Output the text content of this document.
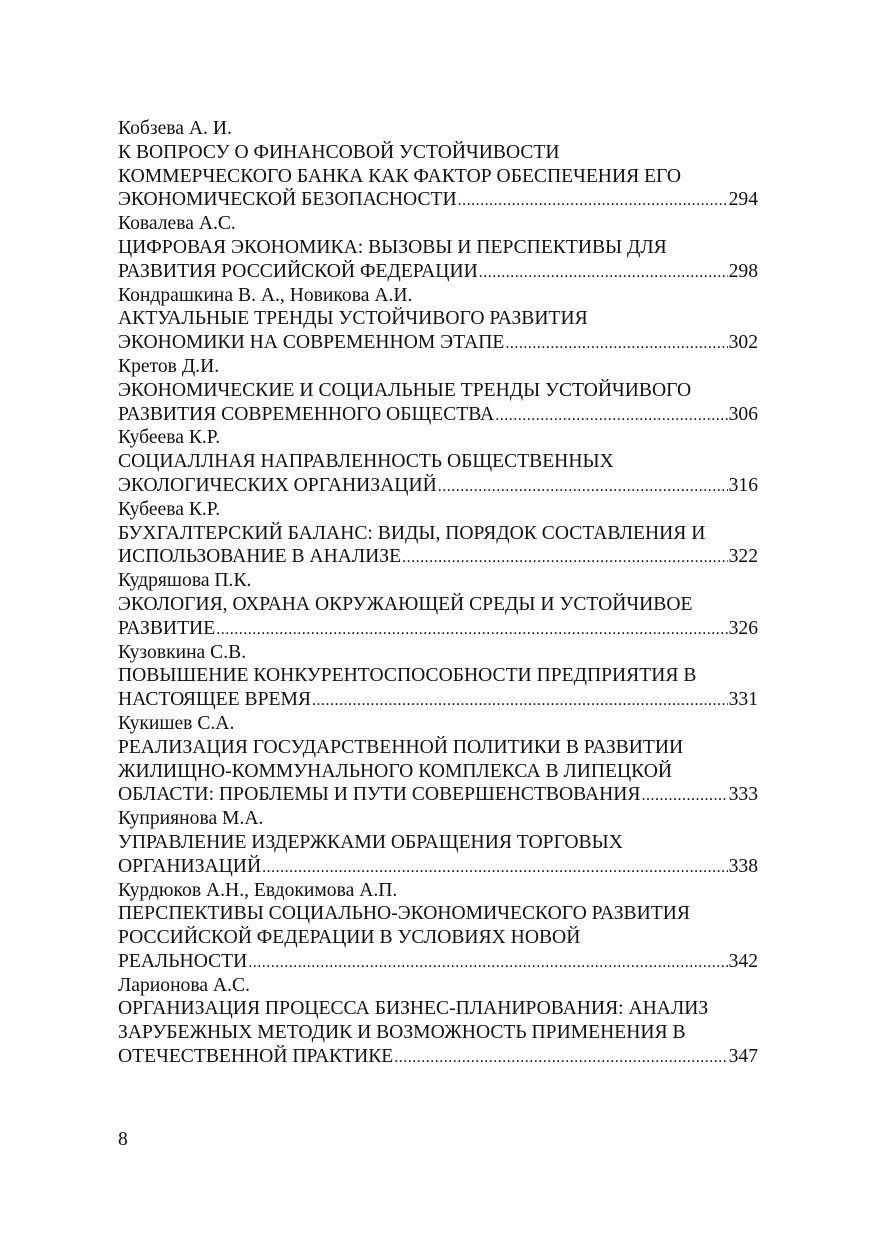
Кобзева А. И.
К ВОПРОСУ О ФИНАНСОВОЙ УСТОЙЧИВОСТИ
КОММЕРЧЕСКОГО БАНКА КАК ФАКТОР ОБЕСПЕЧЕНИЯ ЕГО
ЭКОНОМИЧЕСКОЙ БЕЗОПАСНОСТИ .....	294
Ковалева А.С.
ЦИФРОВАЯ ЭКОНОМИКА: ВЫЗОВЫ И ПЕРСПЕКТИВЫ ДЛЯ
РАЗВИТИЯ РОССИЙСКОЙ ФЕДЕРАЦИИ .....	298
Кондрашкина В. А., Новикова А.И.
АКТУАЛЬНЫЕ ТРЕНДЫ УСТОЙЧИВОГО РАЗВИТИЯ
ЭКОНОМИКИ НА СОВРЕМЕННОМ ЭТАПЕ .....	302
Кретов Д.И.
ЭКОНОМИЧЕСКИЕ И СОЦИАЛЬНЫЕ ТРЕНДЫ УСТОЙЧИВОГО
РАЗВИТИЯ СОВРЕМЕННОГО ОБЩЕСТВА .....	306
Кубеева К.Р.
СОЦИАЛЛНАЯ НАПРАВЛЕННОСТЬ ОБЩЕСТВЕННЫХ
ЭКОЛОГИЧЕСКИХ ОРГАНИЗАЦИЙ .....	316
Кубеева К.Р.
БУХГАЛТЕРСКИЙ БАЛАНС: ВИДЫ, ПОРЯДОК СОСТАВЛЕНИЯ И
ИСПОЛЬЗОВАНИЕ В АНАЛИЗЕ .....	322
Кудряшова П.К.
ЭКОЛОГИЯ, ОХРАНА ОКРУЖАЮЩЕЙ СРЕДЫ И УСТОЙЧИВОЕ
РАЗВИТИЕ .....	326
Кузовкина С.В.
ПОВЫШЕНИЕ КОНКУРЕНТОСПОСОБНОСТИ ПРЕДПРИЯТИЯ В
НАСТОЯЩЕЕ ВРЕМЯ .....	331
Кукишев С.А.
РЕАЛИЗАЦИЯ ГОСУДАРСТВЕННОЙ ПОЛИТИКИ В РАЗВИТИИ
ЖИЛИЩНО-КОММУНАЛЬНОГО КОМПЛЕКСА В ЛИПЕЦКОЙ
ОБЛАСТИ: ПРОБЛЕМЫ И ПУТИ СОВЕРШЕНСТВОВАНИЯ .....	333
Куприянова М.А.
УПРАВЛЕНИЕ ИЗДЕРЖКАМИ ОБРАЩЕНИЯ ТОРГОВЫХ
ОРГАНИЗАЦИЙ .....	338
Курдюков А.Н., Евдокимова А.П.
ПЕРСПЕКТИВЫ СОЦИАЛЬНО-ЭКОНОМИЧЕСКОГО РАЗВИТИЯ
РОССИЙСКОЙ ФЕДЕРАЦИИ В УСЛОВИЯХ НОВОЙ
РЕАЛЬНОСТИ .....	342
Ларионова А.С.
ОРГАНИЗАЦИЯ ПРОЦЕССА БИЗНЕС-ПЛАНИРОВАНИЯ: АНАЛИЗ
ЗАРУБЕЖНЫХ МЕТОДИК И ВОЗМОЖНОСТЬ ПРИМЕНЕНИЯ В
ОТЕЧЕСТВЕННОЙ ПРАКТИКЕ .....	347
8
